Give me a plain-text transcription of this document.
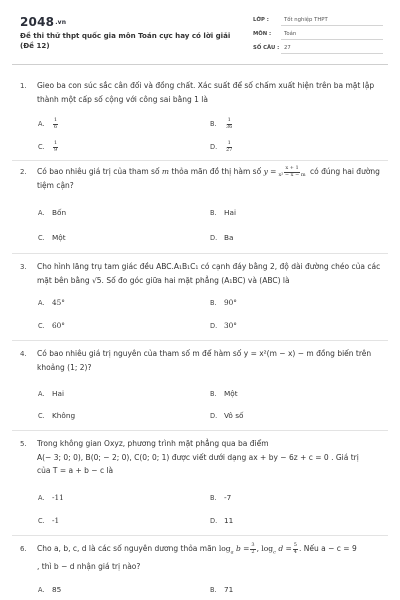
2048.vn
Đề thi thử thpt quốc gia môn Toán cực hay có lời giải (Đề 12)
LỚP :	Tốt nghiệp THPT
MÔN : Toán
SỐ CÂU : 27
1. Gieo ba con súc sắc cân đối và đồng chất. Xác suất để số chấm xuất hiện trên ba mặt lập thành một cấp số cộng với công sai bằng 1 là
A. $\frac{1}{6}$	B. $\frac{1}{36}$
C. $\frac{1}{9}$	D. $\frac{1}{27}$
2. Có bao nhiêu giá trị của tham số m thỏa mãn đồ thị hàm số $y = \frac{x + 1}{\text{x² − x − m}}$ có đúng hai đường tiệm cận?
A. Bốn	B. Hai
C. Một	D. Ba
3. Cho hình lăng trụ tam giác đều ABC.A₁B₁C₁ có cạnh đáy bằng 2, độ dài đường chéo của các mặt bên bằng √5. Số đo góc giữa hai mặt phẳng (A₁BC) và (ABC) là
A. 45°	B. 90°
C. 60°	D. 30°
4. Có bao nhiêu giá trị nguyên của tham số m để hàm số y = x²(m − x) − m đồng biến trên khoảng (1; 2)?
A. Hai	B. Một
C. Không	D. Vô số
5. Trong không gian Oxyz, phương trình mặt phẳng qua ba điểm
A(− 3; 0; 0), B(0; − 2; 0), C(0; 0; 1) được viết dưới dạng ax + by − 6z + c = 0 . Giá trị
của T = a + b − c là
A. -11	B. -7
C. -1	D. 11
6. Cho a, b, c, d là các số nguyên dương thỏa mãn $\log_a b = \frac{3}{2}$ , $\log_c d = \frac{5}{4}$ . Nếu a − c = 9
, thì b − d nhận giá trị nào?
A. 85	B. 71
